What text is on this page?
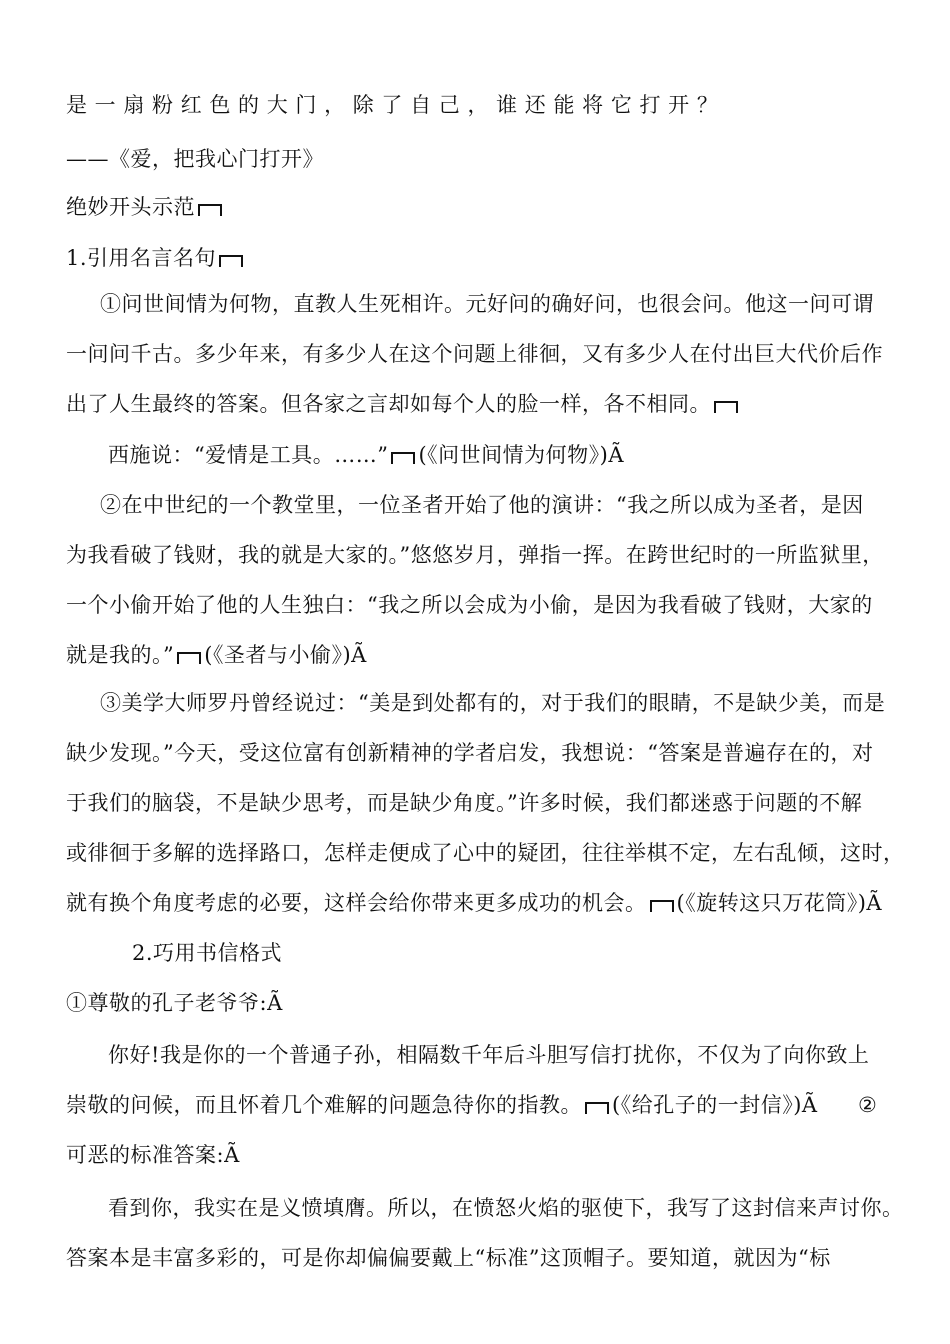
是 一 扇 粉 红 色 的 大 门 ， 除 了 自 己 ， 谁 还 能 将 它 打 开 ？
——《爱，把我心门打开》
绝妙开头示范
1.引用名言名句
①问世间情为何物，直教人生死相许。元好问的确好问，也很会问。他这一问可谓
一问问千古。多少年来，有多少人在这个问题上徘徊，又有多少人在付出巨大代价后作
出了人生最终的答案。但各家之言却如每个人的脸一样，各不相同。
西施说：“爱情是工具。……” (《问世间情为何物》)Ã
②在中世纪的一个教堂里，一位圣者开始了他的演讲：“我之所以成为圣者，是因
为我看破了钱财，我的就是大家的。”悠悠岁月，弹指一挥。在跨世纪时的一所监狱里，
一个小偷开始了他的人生独白：“我之所以会成为小偷，是因为我看破了钱财，大家的
就是我的。” (《圣者与小偷》)Ã
③美学大师罗丹曾经说过：“美是到处都有的，对于我们的眼睛，不是缺少美，而是
缺少发现。”今天，受这位富有创新精神的学者启发，我想说：“答案是普遍存在的，对
于我们的脑袋，不是缺少思考，而是缺少角度。”许多时候，我们都迷惑于问题的不解
或徘徊于多解的选择路口，怎样走便成了心中的疑团，往往举棋不定，左右乱倾，这时，
就有换个角度考虑的必要，这样会给你带来更多成功的机会。 (《旋转这只万花筒》)Ã
2.巧用书信格式
①尊敬的孔子老爷爷:Ã
你好!我是你的一个普通子孙，相隔数千年后斗胆写信打扰你，不仅为了向你致上
崇敬的问候，而且怀着几个难解的问题急待你的指教。 (《给孔子的一封信》)Ã	②
可恶的标准答案:Ã
看到你，我实在是义愤填膺。所以，在愤怒火焰的驱使下，我写了这封信来声讨你。
答案本是丰富多彩的，可是你却偏偏要戴上“标准”这顶帽子。要知道，就因为“标
